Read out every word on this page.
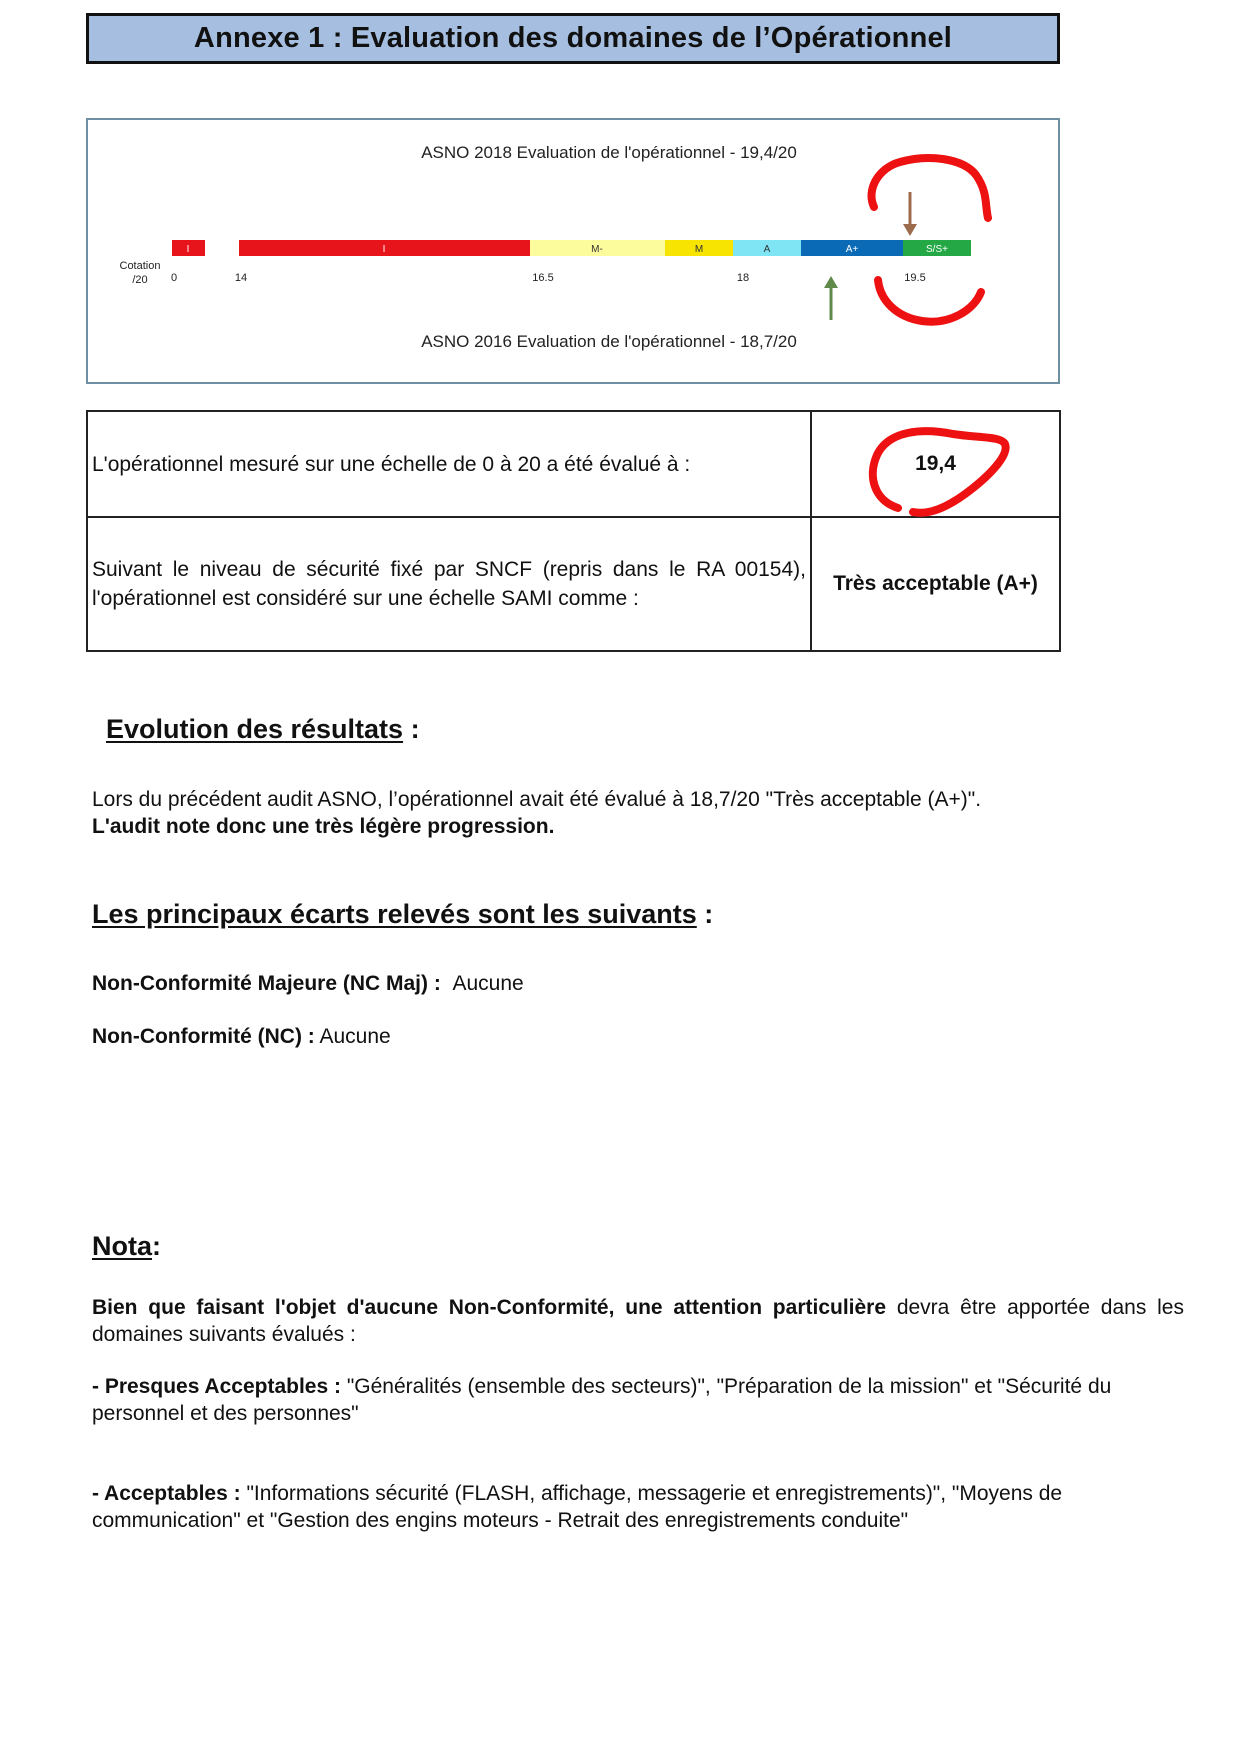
Annexe 1 : Evaluation des domaines de l’Opérationnel
ASNO 2018 Evaluation de l'opérationnel - 19,4/20
Cotation
/20
I	I	M-	M	A	A+	S/S+
0	14	16.5	18	19.5
ASNO 2016 Evaluation de l'opérationnel - 18,7/20
L'opérationnel mesuré sur une échelle de 0 à 20 a été évalué à :	19,4
Suivant le niveau de sécurité fixé par SNCF (repris dans le RA 00154), l'opérationnel est considéré sur une échelle SAMI comme :	Très acceptable (A+)
Evolution des résultats :

Lors du précédent audit ASNO, l’opérationnel avait été évalué à 18,7/20 "Très acceptable (A+)".
L'audit note donc une très légère progression.

Les principaux écarts relevés sont les suivants :

Non-Conformité Majeure (NC Maj) : Aucune

Non-Conformité (NC) : Aucune

Nota:

Bien que faisant l'objet d'aucune Non-Conformité, une attention particulière devra être apportée dans les domaines suivants évalués :

- Presques Acceptables : "Généralités (ensemble des secteurs)", "Préparation de la mission" et "Sécurité du personnel et des personnes"

- Acceptables : "Informations sécurité (FLASH, affichage, messagerie et enregistrements)", "Moyens de communication" et "Gestion des engins moteurs - Retrait des enregistrements conduite"
